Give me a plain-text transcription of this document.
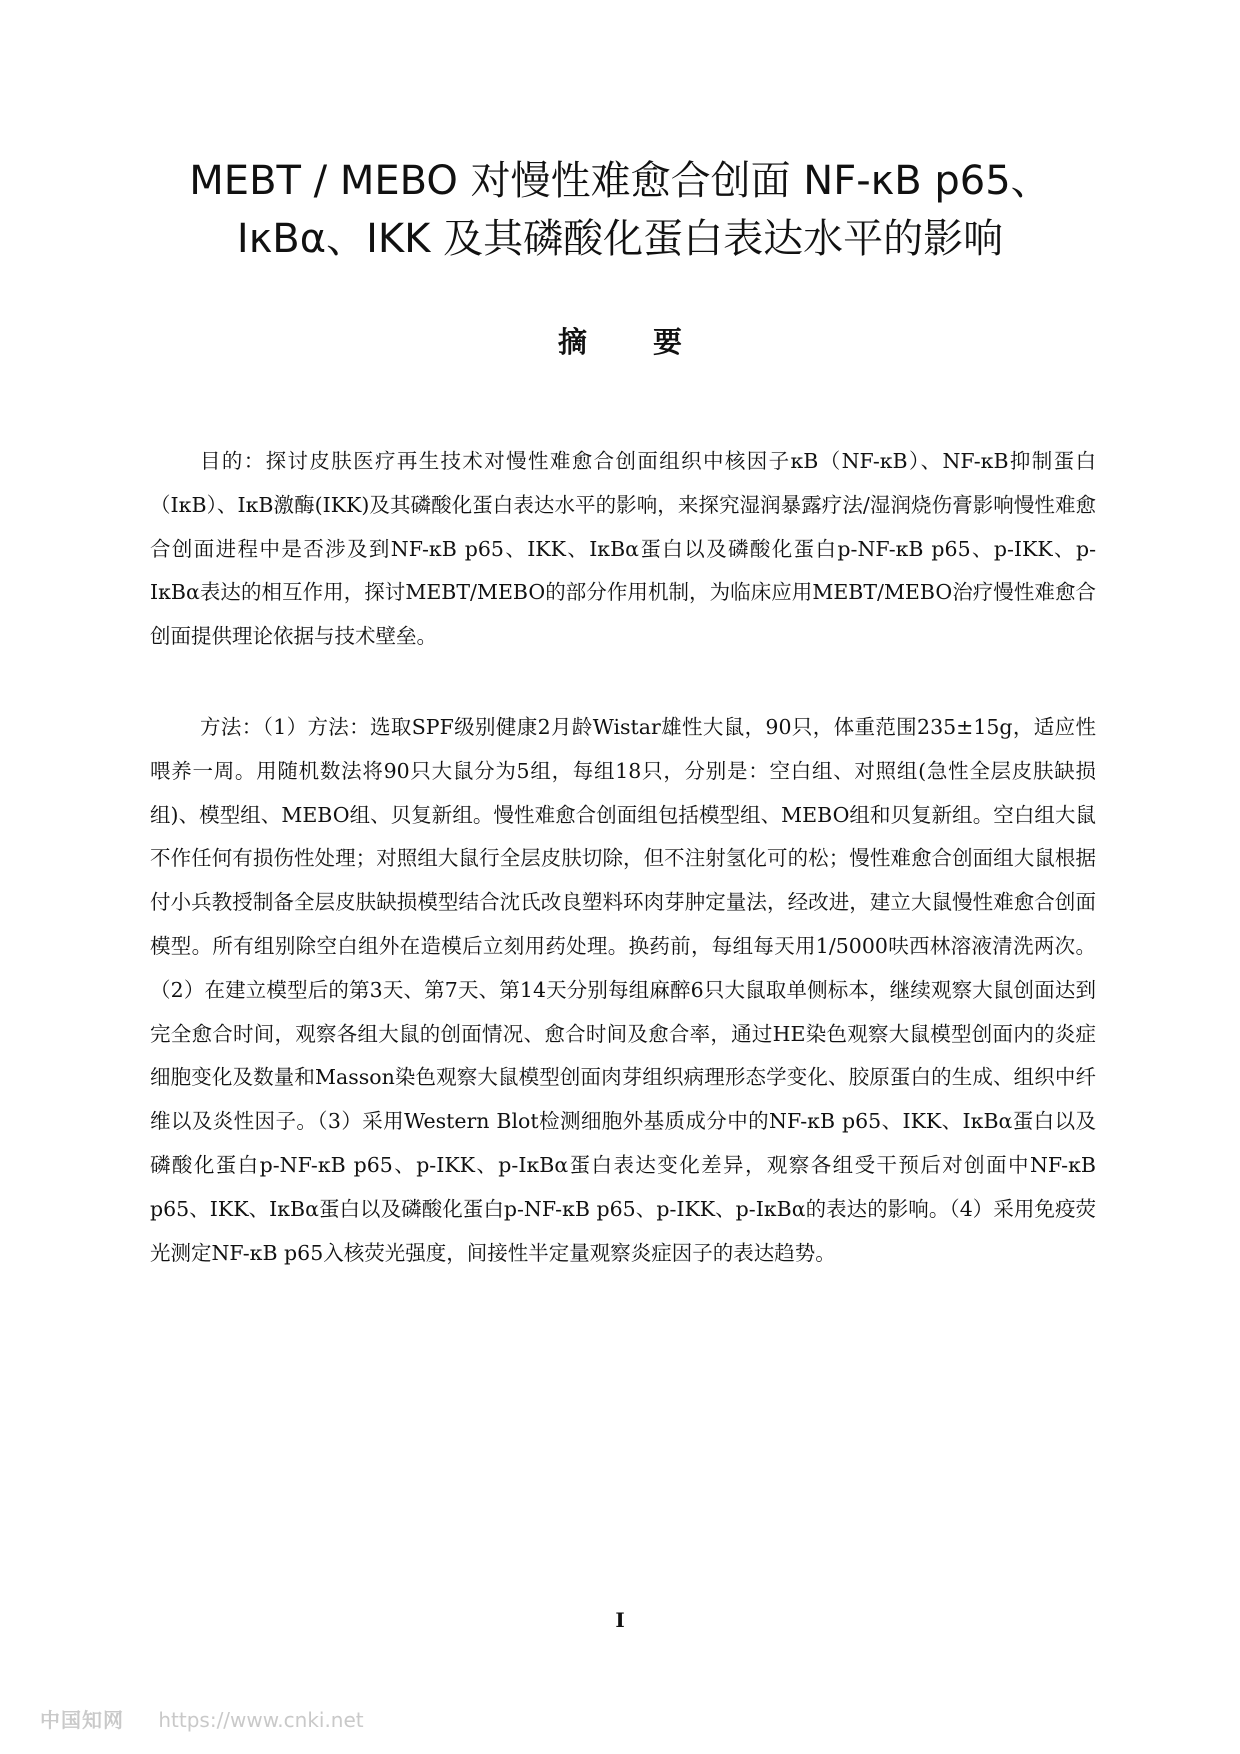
MEBT / MEBO 对慢性难愈合创面 NF-κB p65、
IκBα、IKK 及其磷酸化蛋白表达水平的影响
摘 要

目的：探讨皮肤医疗再生技术对慢性难愈合创面组织中核因子κB（NF-κB）、NF-κB抑制蛋白（IκB）、IκB激酶(IKK)及其磷酸化蛋白表达水平的影响，来探究湿润暴露疗法/湿润烧伤膏影响慢性难愈合创面进程中是否涉及到NF-κB p65、IKK、IκBα蛋白以及磷酸化蛋白p-NF-κB p65、p-IKK、p-IκBα表达的相互作用，探讨MEBT/MEBO的部分作用机制，为临床应用MEBT/MEBO治疗慢性难愈合创面提供理论依据与技术壁垒。

方法：（1）方法：选取SPF级别健康2月龄Wistar雄性大鼠，90只，体重范围235±15g，适应性喂养一周。用随机数法将90只大鼠分为5组，每组18只，分别是：空白组、对照组(急性全层皮肤缺损组)、模型组、MEBO组、贝复新组。慢性难愈合创面组包括模型组、MEBO组和贝复新组。空白组大鼠不作任何有损伤性处理；对照组大鼠行全层皮肤切除，但不注射氢化可的松；慢性难愈合创面组大鼠根据付小兵教授制备全层皮肤缺损模型结合沈氏改良塑料环肉芽肿定量法，经改进，建立大鼠慢性难愈合创面模型。所有组别除空白组外在造模后立刻用药处理。换药前，每组每天用1/5000呋西林溶液清洗两次。（2）在建立模型后的第3天、第7天、第14天分别每组麻醉6只大鼠取单侧标本，继续观察大鼠创面达到完全愈合时间，观察各组大鼠的创面情况、愈合时间及愈合率，通过HE染色观察大鼠模型创面内的炎症细胞变化及数量和Masson染色观察大鼠模型创面肉芽组织病理形态学变化、胶原蛋白的生成、组织中纤维以及炎性因子。（3）采用Western Blot检测细胞外基质成分中的NF-κB p65、IKK、IκBα蛋白以及磷酸化蛋白p-NF-κB p65、p-IKK、p-IκBα蛋白表达变化差异，观察各组受干预后对创面中NF-κB p65、IKK、IκBα蛋白以及磷酸化蛋白p-NF-κB p65、p-IKK、p-IκBα的表达的影响。（4）采用免疫荧光测定NF-κB p65入核荧光强度，间接性半定量观察炎症因子的表达趋势。

I
中国知网 https://www.cnki.net
